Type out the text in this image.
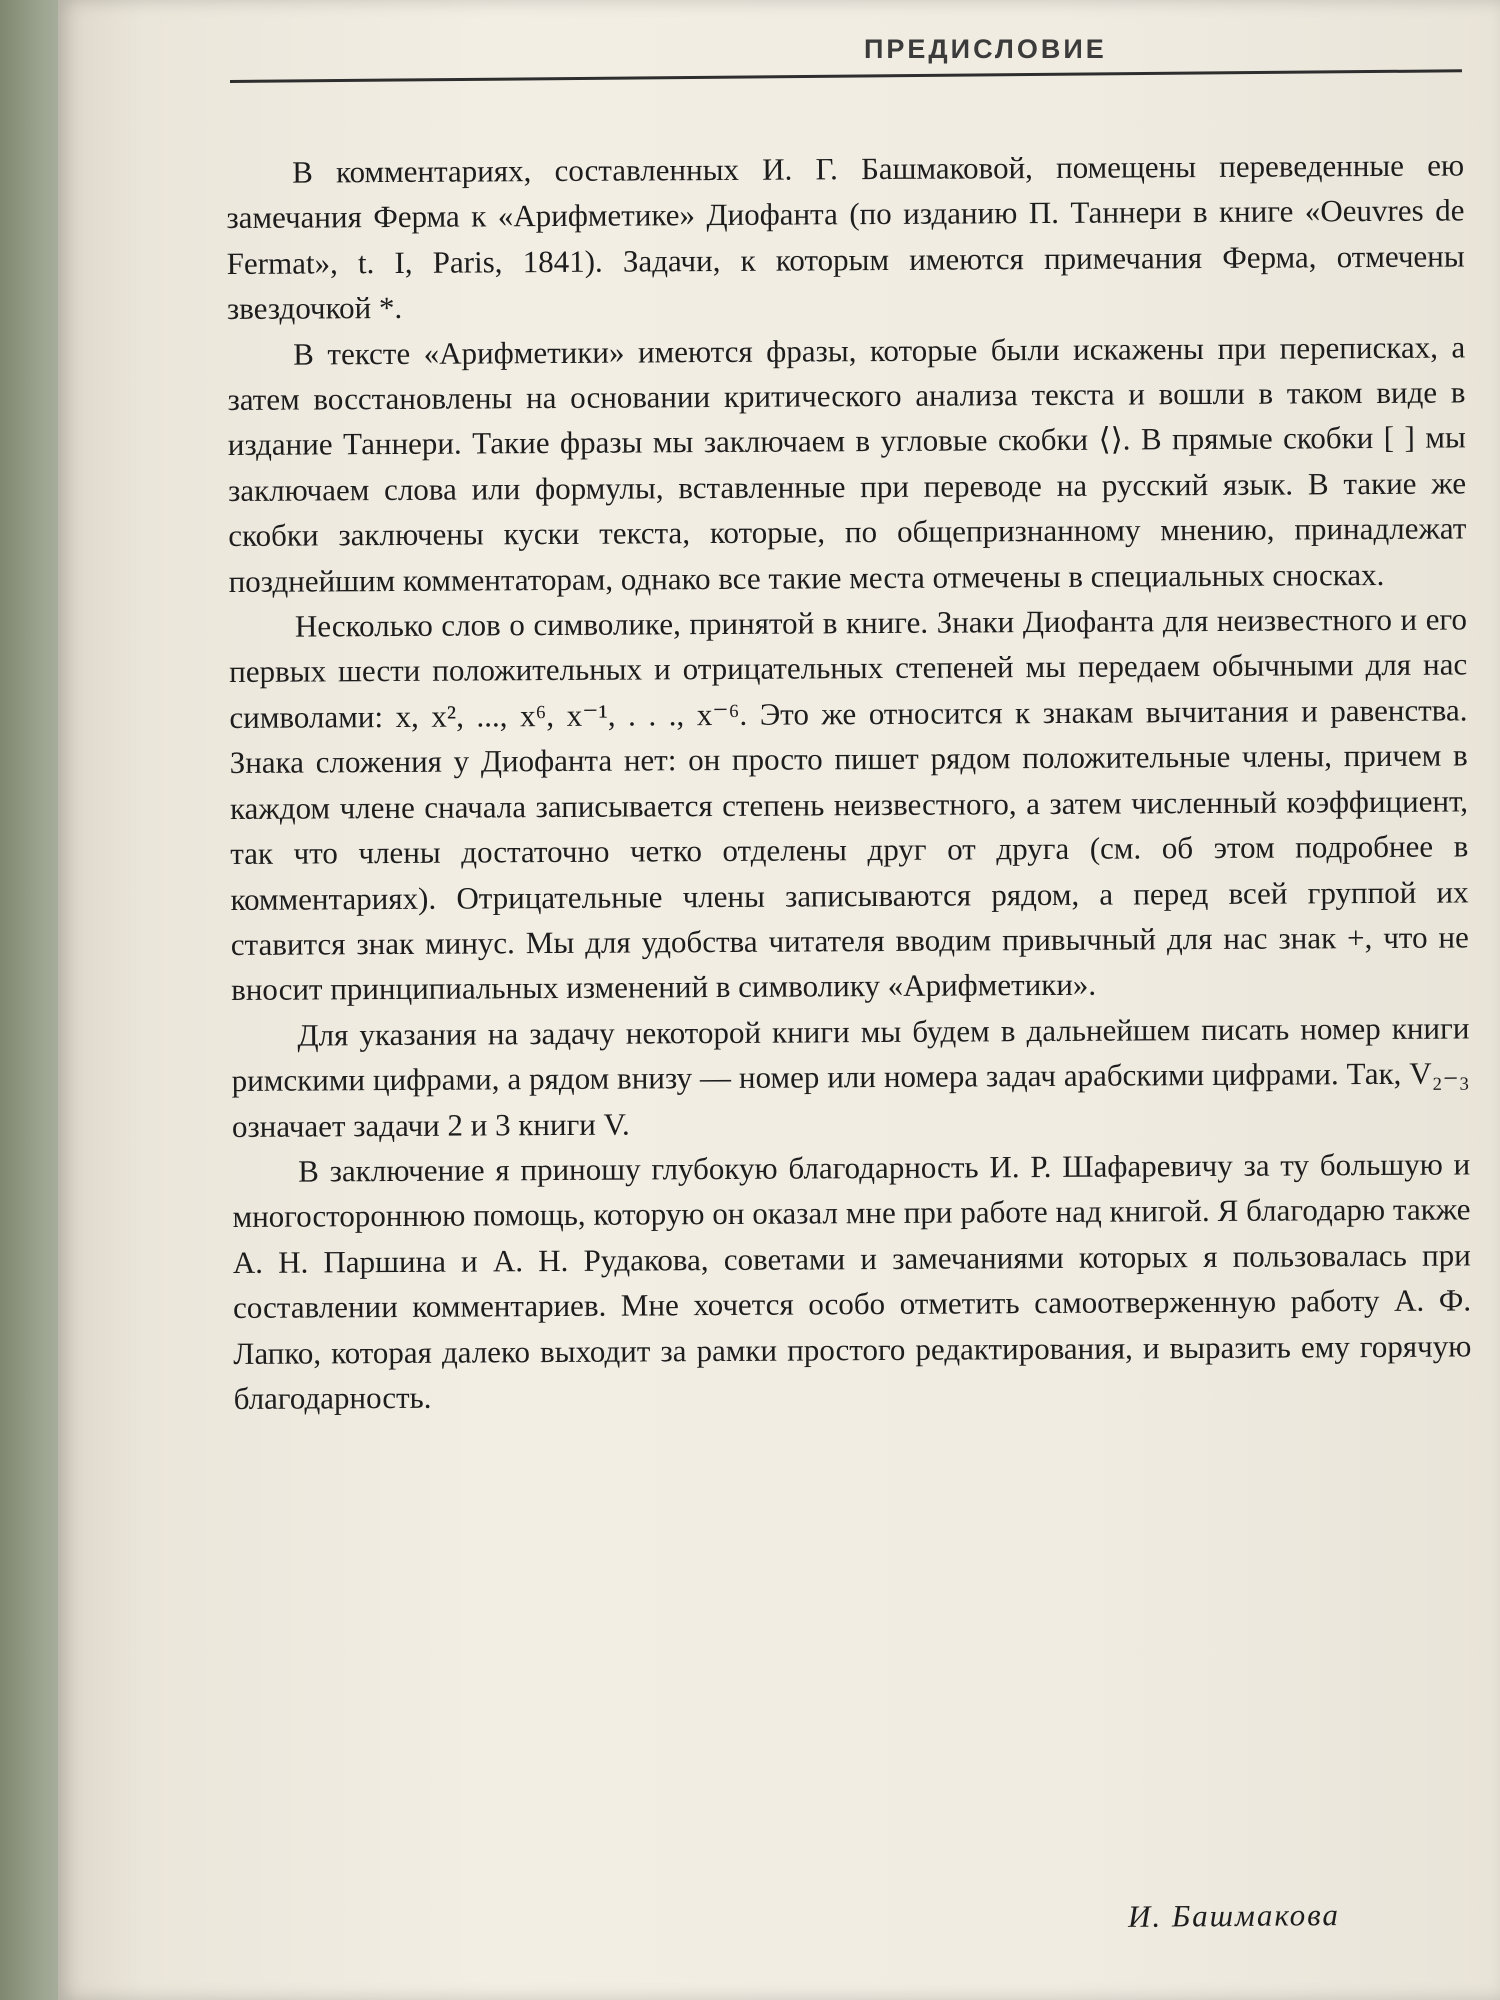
ПРЕДИСЛОВИЕ

В комментариях, составленных И. Г. Башмаковой, помещены переведенные ею замечания Ферма к «Арифметике» Диофанта (по изданию П. Таннери в книге «Oeuvres de Fermat», t. I, Paris, 1841). Задачи, к которым имеются примечания Ферма, отмечены звездочкой *.

В тексте «Арифметики» имеются фразы, которые были искажены при переписках, а затем восстановлены на основании критического анализа текста и вошли в таком виде в издание Таннери. Такие фразы мы заключаем в угловые скобки ⟨⟩. В прямые скобки [ ] мы заключаем слова или формулы, вставленные при переводе на русский язык. В такие же скобки заключены куски текста, которые, по общепризнанному мнению, принадлежат позднейшим комментаторам, однако все такие места отмечены в специальных сносках.

Несколько слов о символике, принятой в книге. Знаки Диофанта для неизвестного и его первых шести положительных и отрицательных степеней мы передаем обычными для нас символами: x, x², ..., x⁶, x⁻¹, . . ., x⁻⁶. Это же относится к знакам вычитания и равенства. Знака сложения у Диофанта нет: он просто пишет рядом положительные члены, причем в каждом члене сначала записывается степень неизвестного, а затем численный коэффициент, так что члены достаточно четко отделены друг от друга (см. об этом подробнее в комментариях). Отрицательные члены записываются рядом, а перед всей группой их ставится знак минус. Мы для удобства читателя вводим привычный для нас знак +, что не вносит принципиальных изменений в символику «Арифметики».

Для указания на задачу некоторой книги мы будем в дальнейшем писать номер книги римскими цифрами, а рядом внизу — номер или номера задач арабскими цифрами. Так, V₂₋₃ означает задачи 2 и 3 книги V.

В заключение я приношу глубокую благодарность И. Р. Шафаревичу за ту большую и многостороннюю помощь, которую он оказал мне при работе над книгой. Я благодарю также А. Н. Паршина и А. Н. Рудакова, советами и замечаниями которых я пользовалась при составлении комментариев. Мне хочется особо отметить самоотверженную работу А. Ф. Лапко, которая далеко выходит за рамки простого редактирования, и выразить ему горячую благодарность.

И. Башмакова
